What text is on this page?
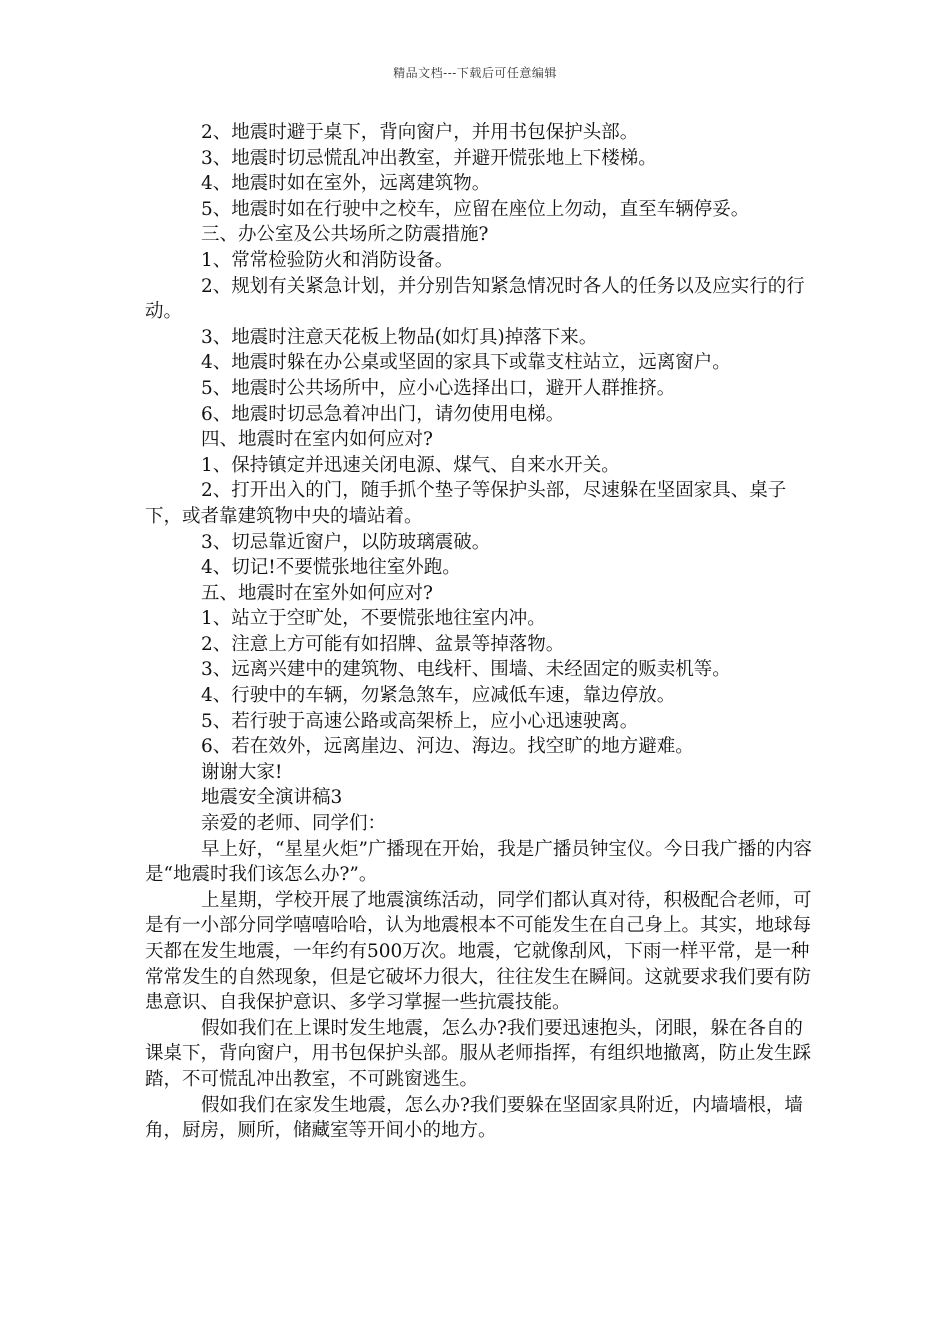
精品文档---下载后可任意编辑

2、地震时避于桌下，背向窗户，并用书包保护头部。

3、地震时切忌慌乱冲出教室，并避开慌张地上下楼梯。

4、地震时如在室外，远离建筑物。

5、地震时如在行驶中之校车，应留在座位上勿动，直至车辆停妥。

三、办公室及公共场所之防震措施?

1、常常检验防火和消防设备。

2、规划有关紧急计划，并分别告知紧急情况时各人的任务以及应实行的行动。

3、地震时注意天花板上物品(如灯具)掉落下来。

4、地震时躲在办公桌或坚固的家具下或靠支柱站立，远离窗户。

5、地震时公共场所中，应小心选择出口，避开人群推挤。

6、地震时切忌急着冲出门，请勿使用电梯。

四、地震时在室内如何应对?

1、保持镇定并迅速关闭电源、煤气、自来水开关。

2、打开出入的门，随手抓个垫子等保护头部，尽速躲在坚固家具、桌子下，或者靠建筑物中央的墙站着。

3、切忌靠近窗户，以防玻璃震破。

4、切记!不要慌张地往室外跑。

五、地震时在室外如何应对?

1、站立于空旷处，不要慌张地往室内冲。

2、注意上方可能有如招牌、盆景等掉落物。

3、远离兴建中的建筑物、电线杆、围墙、未经固定的贩卖机等。

4、行驶中的车辆，勿紧急煞车，应减低车速，靠边停放。

5、若行驶于高速公路或高架桥上，应小心迅速驶离。

6、若在效外，远离崖边、河边、海边。找空旷的地方避难。

谢谢大家!

地震安全演讲稿3

亲爱的老师、同学们：

早上好，“星星火炬”广播现在开始，我是广播员钟宝仪。今日我广播的内容是“地震时我们该怎么办?”。

上星期，学校开展了地震演练活动，同学们都认真对待，积极配合老师，可是有一小部分同学嘻嘻哈哈，认为地震根本不可能发生在自己身上。其实，地球每天都在发生地震，一年约有500万次。地震，它就像刮风，下雨一样平常，是一种常常发生的自然现象，但是它破坏力很大，往往发生在瞬间。这就要求我们要有防患意识、自我保护意识、多学习掌握一些抗震技能。

假如我们在上课时发生地震，怎么办?我们要迅速抱头，闭眼，躲在各自的课桌下，背向窗户，用书包保护头部。服从老师指挥，有组织地撤离，防止发生踩踏，不可慌乱冲出教室，不可跳窗逃生。

假如我们在家发生地震，怎么办?我们要躲在坚固家具附近，内墙墙根，墙角，厨房，厕所，储藏室等开间小的地方。
